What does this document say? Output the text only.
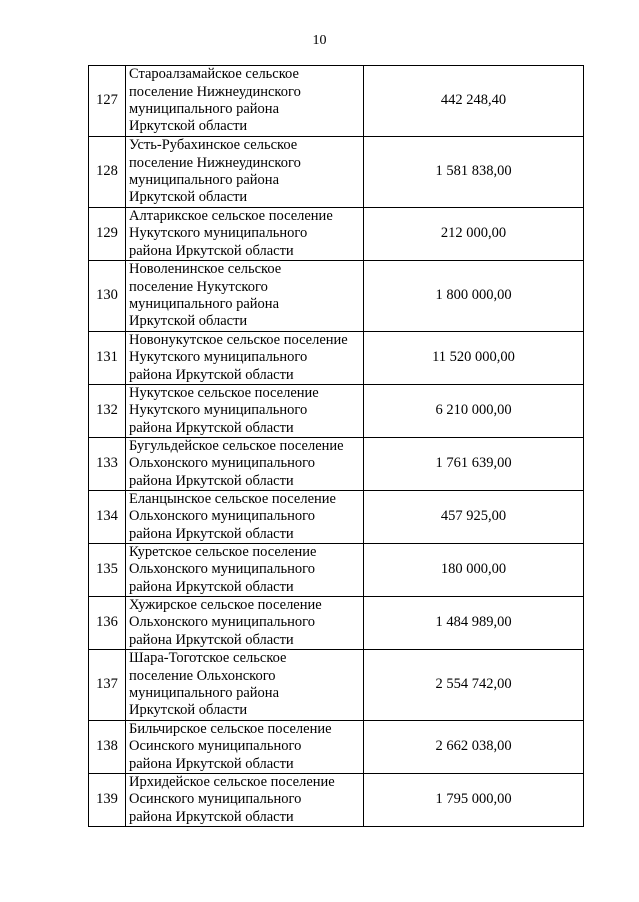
10
127	Староалзамайское сельское
поселение Нижнеудинского
муниципального района
Иркутской области	442 248,40
128	Усть-Рубахинское сельское
поселение Нижнеудинского
муниципального района
Иркутской области	1 581 838,00
129	Алтарикское сельское поселение
Нукутского муниципального
района Иркутской области	212 000,00
130	Новоленинское сельское
поселение Нукутского
муниципального района
Иркутской области	1 800 000,00
131	Новонукутское сельское поселение
Нукутского муниципального
района Иркутской области	11 520 000,00
132	Нукутское сельское поселение
Нукутского муниципального
района Иркутской области	6 210 000,00
133	Бугульдейское сельское поселение
Ольхонского муниципального
района Иркутской области	1 761 639,00
134	Еланцынское сельское поселение
Ольхонского муниципального
района Иркутской области	457 925,00
135	Куретское сельское поселение
Ольхонского муниципального
района Иркутской области	180 000,00
136	Хужирское сельское поселение
Ольхонского муниципального
района Иркутской области	1 484 989,00
137	Шара-Тоготское сельское
поселение Ольхонского
муниципального района
Иркутской области	2 554 742,00
138	Бильчирское сельское поселение
Осинского муниципального
района Иркутской области	2 662 038,00
139	Ирхидейское сельское поселение
Осинского муниципального
района Иркутской области	1 795 000,00
